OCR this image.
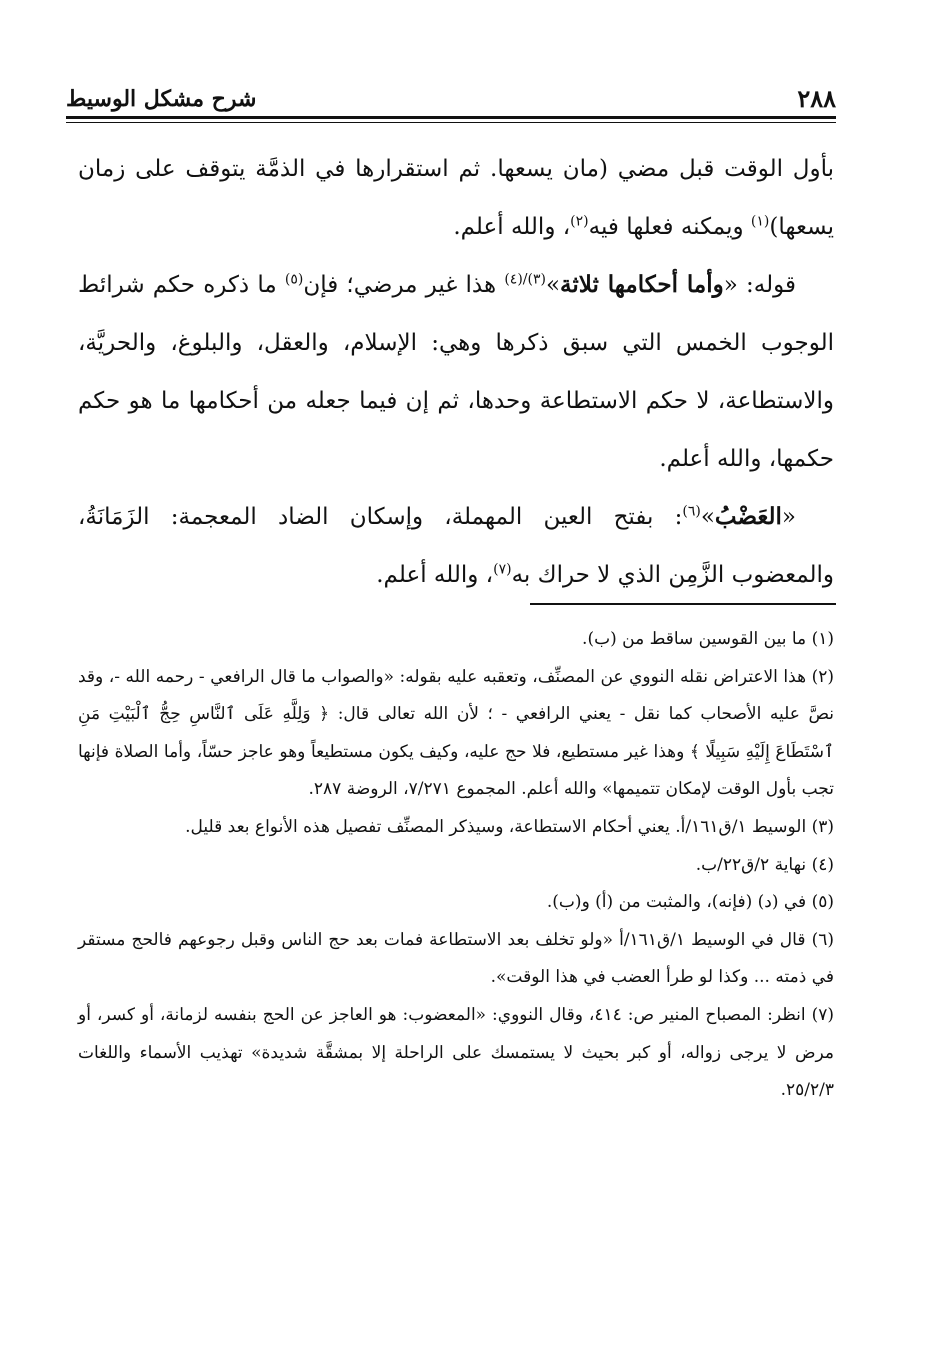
٢٨٨
شرح مشكل الوسيط

بأول الوقت قبل مضي (مان يسعها. ثم استقرارها في الذمَّة يتوقف على زمان يسعها)$^{(١)}$ ويمكنه فعلها فيه$^{(٢)}$، والله أعلم.

قوله: «وأما أحكامها ثلاثة»$^{(٣)/(٤)}$ هذا غير مرضي؛ فإن$^{(٥)}$ ما ذكره حكم شرائط الوجوب الخمس التي سبق ذكرها وهي: الإسلام، والعقل، والبلوغ، والحريَّة، والاستطاعة، لا حكم الاستطاعة وحدها، ثم إن فيما جعله من أحكامها ما هو حكم حكمها، والله أعلم.

«العَضْبُ»$^{(٦)}$: بفتح العين المهملة، وإسكان الضاد المعجمة: الزَمَانَةُ، والمعضوب الزَّمِن الذي لا حراك به$^{(٧)}$، والله أعلم.

(١) ما بين القوسين ساقط من (ب).

(٢) هذا الاعتراض نقله النووي عن المصنِّف، وتعقبه عليه بقوله: «والصواب ما قال الرافعي - رحمه الله -، وقد نصَّ عليه الأصحاب كما نقل - يعني الرافعي - ؛ لأن الله تعالى قال: ﴿ وَلِلَّهِ عَلَى ٱلنَّاسِ حِجُّ ٱلْبَيْتِ مَنِ ٱسْتَطَاعَ إِلَيْهِ سَبِيلًا ﴾ وهذا غير مستطيع، فلا حج عليه، وكيف يكون مستطيعاً وهو عاجز حسّاً، وأما الصلاة فإنها تجب بأول الوقت لإمكان تتميمها» والله أعلم. المجموع ٧/٢٧١، الروضة ٢٨٧.

(٣) الوسيط ١/ق١٦١/أ. يعني أحكام الاستطاعة، وسيذكر المصنِّف تفصيل هذه الأنواع بعد قليل.

(٤) نهاية ٢/ق٢٢/ب.

(٥) في (د) (فإنه)، والمثبت من (أ) و(ب).

(٦) قال في الوسيط ١/ق١٦١/أ «ولو تخلف بعد الاستطاعة فمات بعد حج الناس وقبل رجوعهم فالحج مستقر في ذمته ... وكذا لو طرأ العضب في هذا الوقت».

(٧) انظر: المصباح المنير ص: ٤١٤، وقال النووي: «المعضوب: هو العاجز عن الحج بنفسه لزمانة، أو كسر، أو مرض لا يرجى زواله، أو كبر بحيث لا يستمسك على الراحلة إلا بمشقَّة شديدة» تهذيب الأسماء واللغات ٢٥/٢/٣.
